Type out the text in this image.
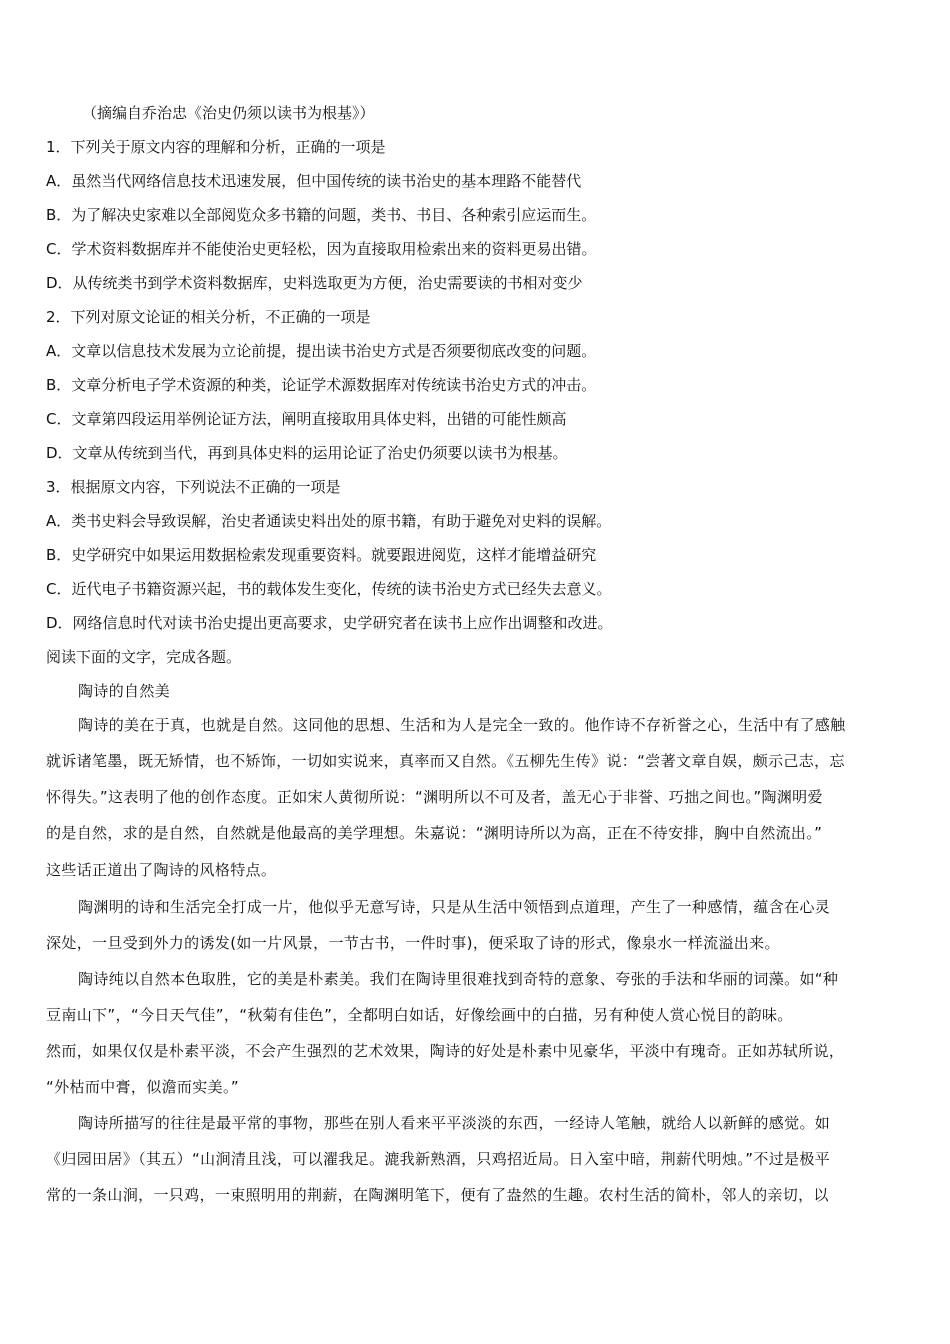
（摘编自乔治忠《治史仍须以读书为根基》）
1．下列关于原文内容的理解和分析，正确的一项是
A．虽然当代网络信息技术迅速发展，但中国传统的读书治史的基本理路不能替代
B．为了解决史家难以全部阅览众多书籍的问题，类书、书目、各种索引应运而生。
C．学术资料数据库并不能使治史更轻松，因为直接取用检索出来的资料更易出错。
D．从传统类书到学术资料数据库，史料选取更为方便，治史需要读的书相对变少
2．下列对原文论证的相关分析，不正确的一项是
A．文章以信息技术发展为立论前提，提出读书治史方式是否须要彻底改变的问题。
B．文章分析电子学术资源的种类，论证学术源数据库对传统读书治史方式的冲击。
C．文章第四段运用举例论证方法，阐明直接取用具体史料，出错的可能性颇高
D．文章从传统到当代，再到具体史料的运用论证了治史仍须要以读书为根基。
3．根据原文内容，下列说法不正确的一项是
A．类书史料会导致误解，治史者通读史料出处的原书籍，有助于避免对史料的误解。
B．史学研究中如果运用数据检索发现重要资料。就要跟进阅览，这样才能增益研究
C．近代电子书籍资源兴起，书的载体发生变化，传统的读书治史方式已经失去意义。
D．网络信息时代对读书治史提出更高要求，史学研究者在读书上应作出调整和改进。
阅读下面的文字，完成各题。
陶诗的自然美
陶诗的美在于真，也就是自然。这同他的思想、生活和为人是完全一致的。他作诗不存祈誉之心，生活中有了感触
就诉诸笔墨，既无矫情，也不矫饰，一切如实说来，真率而又自然。《五柳先生传》说：“尝著文章自娱，颇示己志，忘
怀得失。”这表明了他的创作态度。正如宋人黄彻所说：“渊明所以不可及者，盖无心于非誉、巧拙之间也。”陶渊明爱
的是自然，求的是自然，自然就是他最高的美学理想。朱嘉说：“渊明诗所以为高，正在不待安排，胸中自然流出。”
这些话正道出了陶诗的风格特点。
陶渊明的诗和生活完全打成一片，他似乎无意写诗，只是从生活中领悟到点道理，产生了一种感情，蕴含在心灵
深处，一旦受到外力的诱发(如一片风景，一节古书，一件时事)，便采取了诗的形式，像泉水一样流溢出来。
陶诗纯以自然本色取胜，它的美是朴素美。我们在陶诗里很难找到奇特的意象、夸张的手法和华丽的词藻。如“种
豆南山下”，“今日天气佳”，“秋菊有佳色”，全都明白如话，好像绘画中的白描，另有种使人赏心悦目的韵味。
然而，如果仅仅是朴素平淡，不会产生强烈的艺术效果，陶诗的好处是朴素中见豪华，平淡中有瑰奇。正如苏轼所说，
“外枯而中膏，似澹而实美。”
陶诗所描写的往往是最平常的事物，那些在别人看来平平淡淡的东西，一经诗人笔触，就给人以新鲜的感觉。如
《归园田居》（其五）“山涧清且浅，可以濯我足。漉我新熟酒，只鸡招近局。日入室中暗，荆薪代明烛。”不过是极平
常的一条山涧，一只鸡，一束照明用的荆薪，在陶渊明笔下，便有了盎然的生趣。农村生活的简朴，邻人的亲切，以
